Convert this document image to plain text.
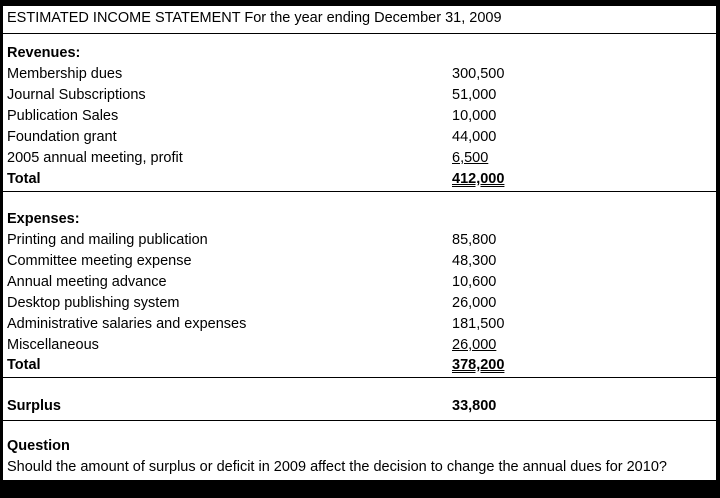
ESTIMATED INCOME STATEMENT For the year ending December 31, 2009
Revenues:
Membership dues	300,500
Journal Subscriptions	51,000
Publication Sales	10,000
Foundation grant	44,000
2005 annual meeting, profit	6,500
Total	412,000
Expenses:
Printing and mailing publication	85,800
Committee meeting expense	48,300
Annual meeting advance	10,600
Desktop publishing system	26,000
Administrative salaries and expenses	181,500
Miscellaneous	26,000
Total	378,200
Surplus	33,800
Question
Should the amount of surplus or deficit in 2009 affect the decision to change the annual dues for 2010?
